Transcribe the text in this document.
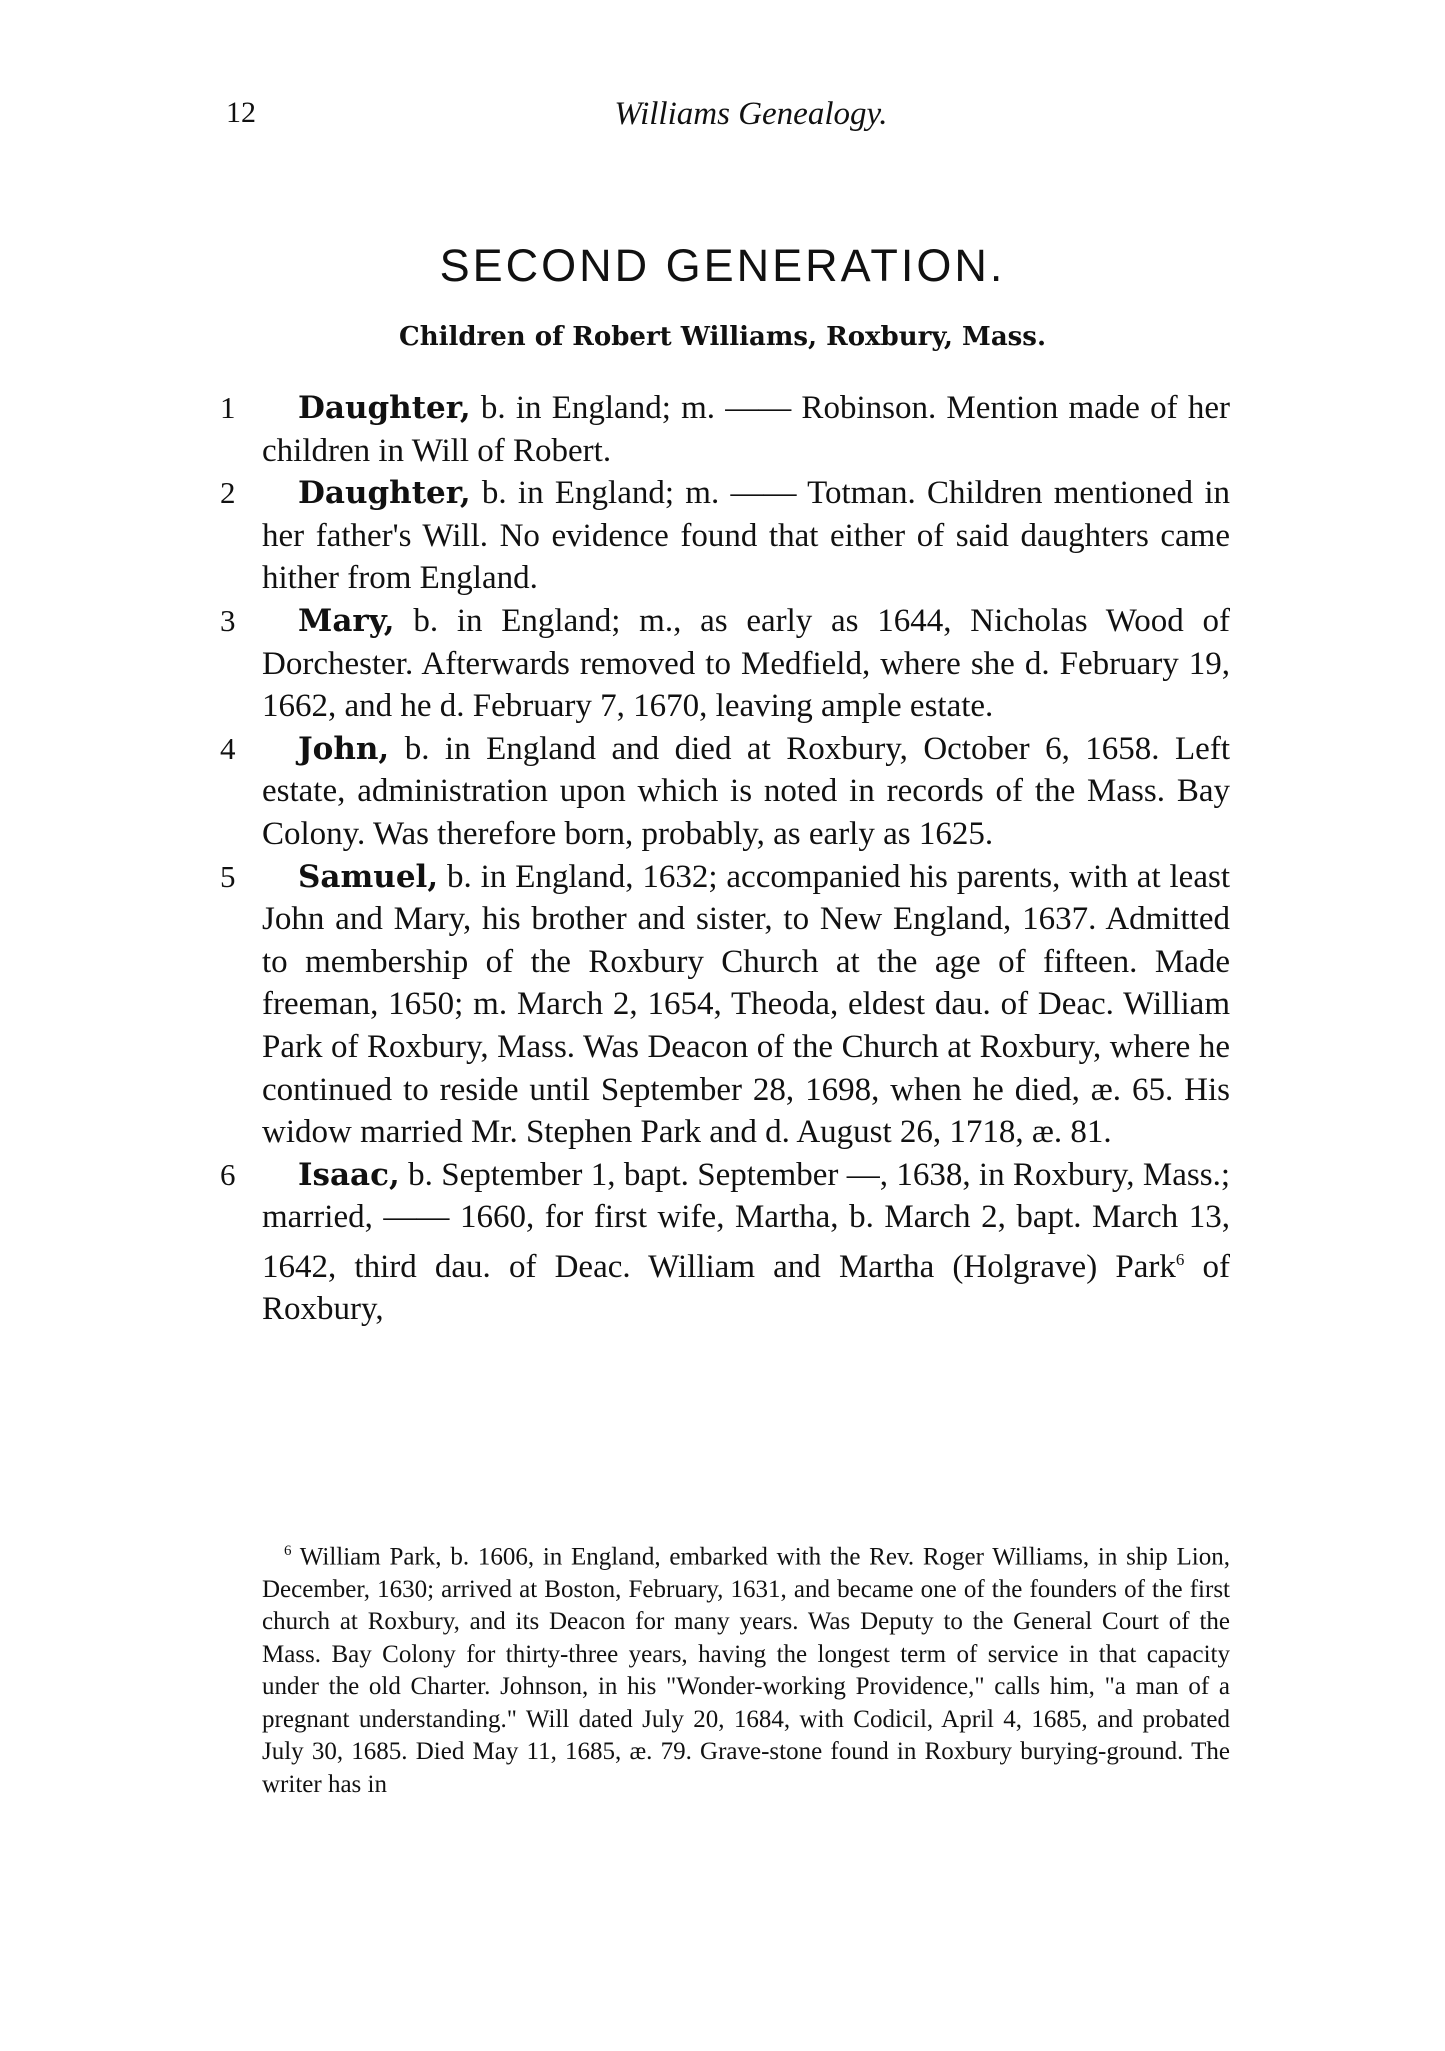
12	Williams Genealogy.
SECOND GENERATION.
Children of Robert Williams, Roxbury, Mass.

1	Daughter, b. in England; m. —— Robinson. Mention made of her children in Will of Robert.

2	Daughter, b. in England; m. —— Totman. Children mentioned in her father's Will. No evidence found that either of said daughters came hither from England.

3	Mary, b. in England; m., as early as 1644, Nicholas Wood of Dorchester. Afterwards removed to Medfield, where she d. February 19, 1662, and he d. February 7, 1670, leaving ample estate.

4	John, b. in England and died at Roxbury, October 6, 1658. Left estate, administration upon which is noted in records of the Mass. Bay Colony. Was therefore born, probably, as early as 1625.

5	Samuel, b. in England, 1632; accompanied his parents, with at least John and Mary, his brother and sister, to New England, 1637. Admitted to membership of the Roxbury Church at the age of fifteen. Made freeman, 1650; m. March 2, 1654, Theoda, eldest dau. of Deac. William Park of Roxbury, Mass. Was Deacon of the Church at Roxbury, where he continued to reside until September 28, 1698, when he died, æ. 65. His widow married Mr. Stephen Park and d. August 26, 1718, æ. 81.

6	Isaac, b. September 1, bapt. September —, 1638, in Roxbury, Mass.; married, —— 1660, for first wife, Martha, b. March 2, bapt. March 13, 1642, third dau. of Deac. William and Martha (Holgrave) Park$^6$ of Roxbury,

$^6$ William Park, b. 1606, in England, embarked with the Rev. Roger Williams, in ship Lion, December, 1630; arrived at Boston, February, 1631, and became one of the founders of the first church at Roxbury, and its Deacon for many years. Was Deputy to the General Court of the Mass. Bay Colony for thirty-three years, having the longest term of service in that capacity under the old Charter. Johnson, in his "Wonder-working Providence," calls him, "a man of a pregnant understanding." Will dated July 20, 1684, with Codicil, April 4, 1685, and probated July 30, 1685. Died May 11, 1685, æ. 79. Grave-stone found in Roxbury burying-ground. The writer has in
